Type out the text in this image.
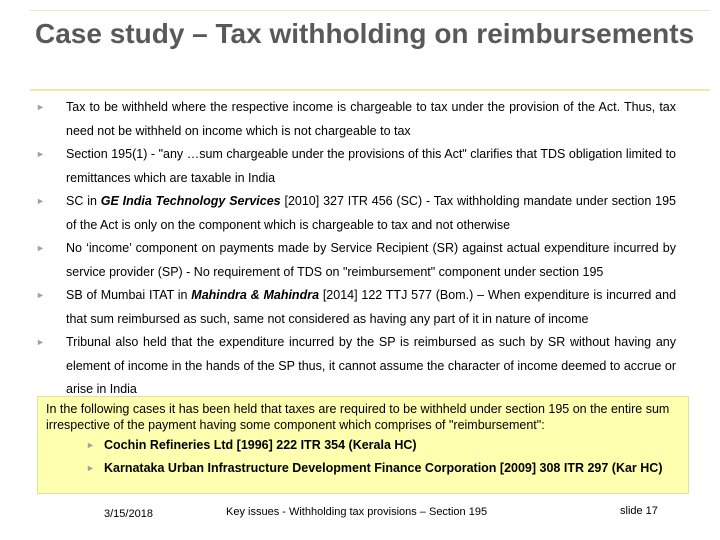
Case study – Tax withholding on reimbursements
► Tax to be withheld where the respective income is chargeable to tax under the provision of the Act. Thus, tax need not be withheld on income which is not chargeable to tax
► Section 195(1) - "any …sum chargeable under the provisions of this Act" clarifies that TDS obligation limited to remittances which are taxable in India
► SC in GE India Technology Services [2010] 327 ITR 456 (SC) - Tax withholding mandate under section 195 of the Act is only on the component which is chargeable to tax and not otherwise
► No ‘income’ component on payments made by Service Recipient (SR) against actual expenditure incurred by service provider (SP) - No requirement of TDS on "reimbursement" component under section 195
► SB of Mumbai ITAT in Mahindra & Mahindra [2014] 122 TTJ 577 (Bom.) – When expenditure is incurred and that sum reimbursed as such, same not considered as having any part of it in nature of income
► Tribunal also held that the expenditure incurred by the SP is reimbursed as such by SR without having any element of income in the hands of the SP thus, it cannot assume the character of income deemed to accrue or arise in India
In the following cases it has been held that taxes are required to be withheld under section 195 on the entire sum irrespective of the payment having some component which comprises of "reimbursement":
► Cochin Refineries Ltd [1996] 222 ITR 354 (Kerala HC)
► Karnataka Urban Infrastructure Development Finance Corporation [2009] 308 ITR 297 (Kar HC)
3/15/2018	Key issues - Withholding tax provisions – Section 195	slide 17
